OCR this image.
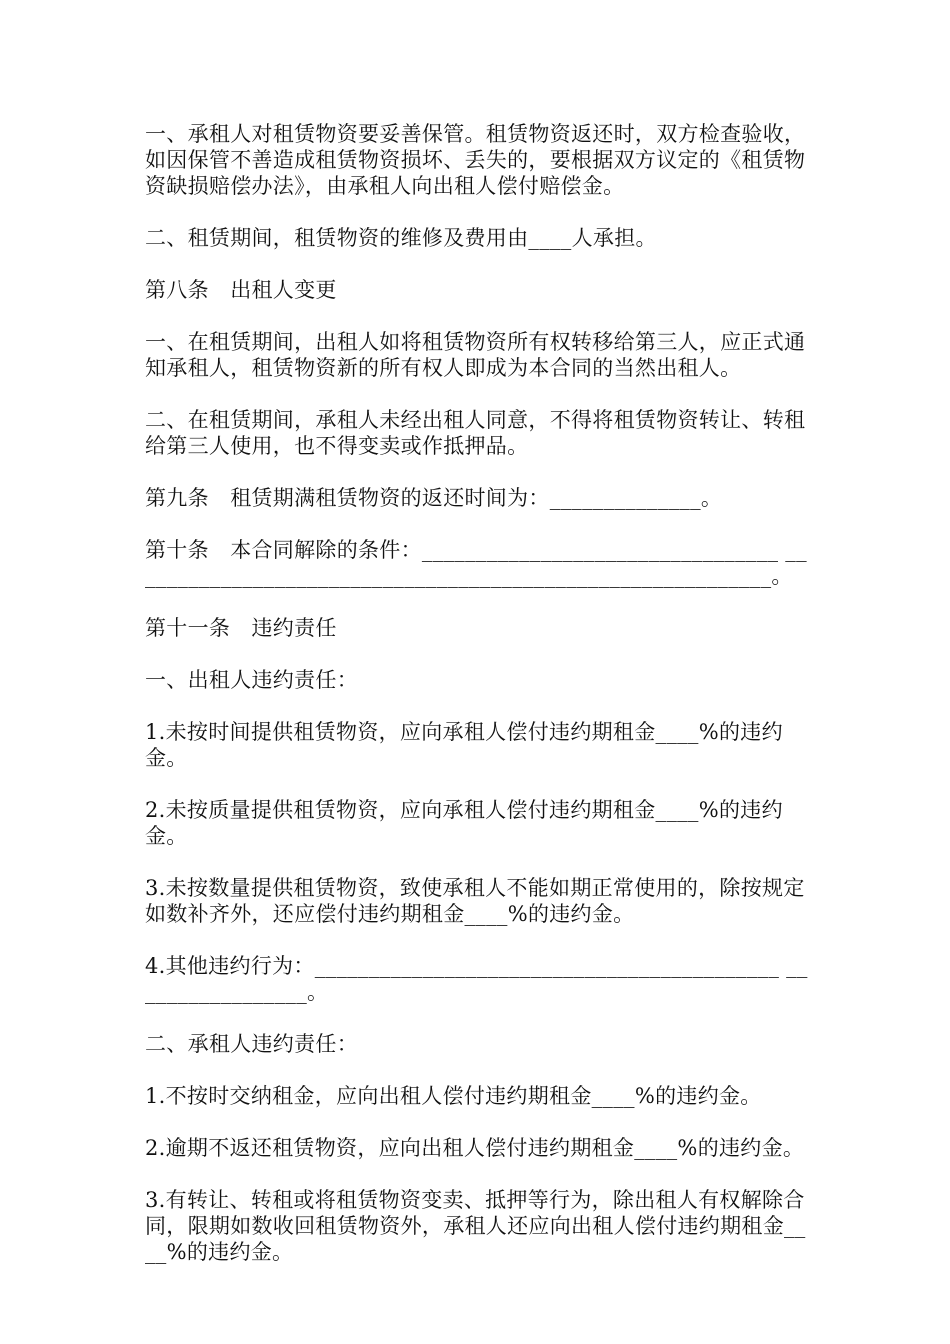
一、承租人对租赁物资要妥善保管。租赁物资返还时，双方检查验收，如因保管不善造成租赁物资损坏、丢失的，要根据双方议定的《租赁物资缺损赔偿办法》，由承租人向出租人偿付赔偿金。

二、租赁期间，租赁物资的维修及费用由____人承担。

第八条　出租人变更

一、在租赁期间，出租人如将租赁物资所有权转移给第三人，应正式通知承租人，租赁物资新的所有权人即成为本合同的当然出租人。

二、在租赁期间，承租人未经出租人同意，不得将租赁物资转让、转租给第三人使用，也不得变卖或作抵押品。

第九条　租赁期满租赁物资的返还时间为：______________。

第十条　本合同解除的条件：_________________________________ ____________________________________________________________。

第十一条　违约责任

一、出租人违约责任：

1.未按时间提供租赁物资，应向承租人偿付违约期租金____%的违约金。

2.未按质量提供租赁物资，应向承租人偿付违约期租金____%的违约金。

3.未按数量提供租赁物资，致使承租人不能如期正常使用的，除按规定如数补齐外，还应偿付违约期租金____%的违约金。

4.其他违约行为：___________________________________________ _________________。

二、承租人违约责任：

1.不按时交纳租金，应向出租人偿付违约期租金____%的违约金。

2.逾期不返还租赁物资，应向出租人偿付违约期租金____%的违约金。

3.有转让、转租或将租赁物资变卖、抵押等行为，除出租人有权解除合同，限期如数收回租赁物资外，承租人还应向出租人偿付违约期租金____%的违约金。
